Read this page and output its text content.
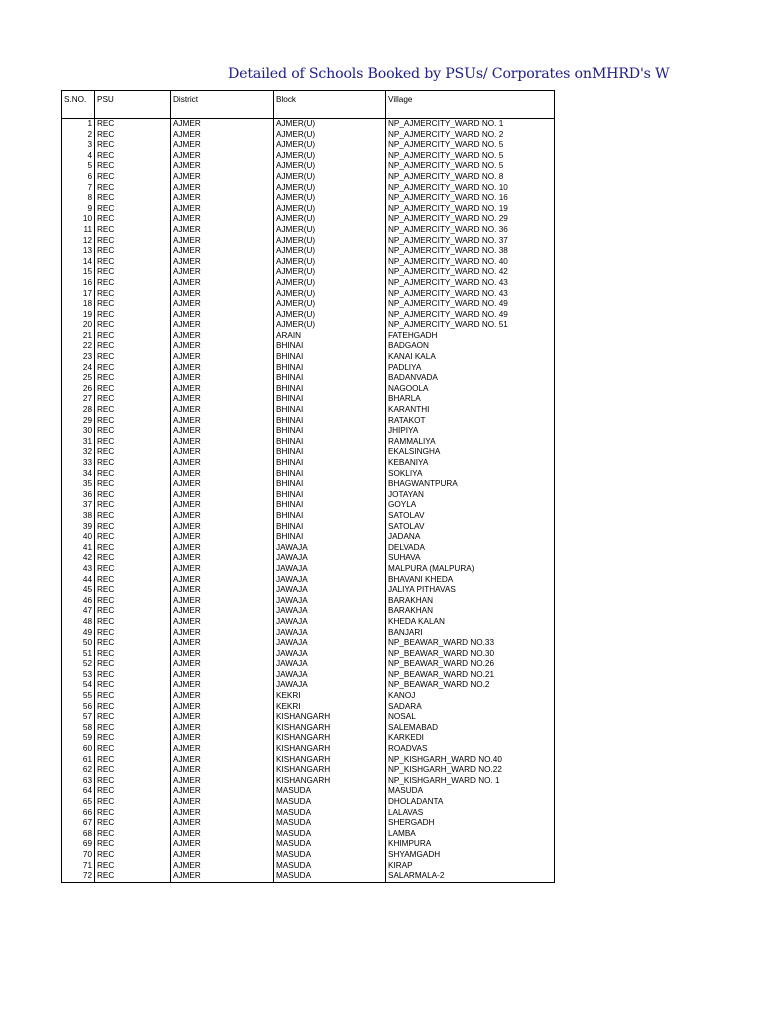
Detailed of Schools Booked by PSUs/ Corporates onMHRD's W
S.NO.	PSU	District	Block	Village
1	REC	AJMER	AJMER(U)	NP_AJMERCITY_WARD NO. 1
2	REC	AJMER	AJMER(U)	NP_AJMERCITY_WARD NO. 2
3	REC	AJMER	AJMER(U)	NP_AJMERCITY_WARD NO. 5
4	REC	AJMER	AJMER(U)	NP_AJMERCITY_WARD NO. 5
5	REC	AJMER	AJMER(U)	NP_AJMERCITY_WARD NO. 5
6	REC	AJMER	AJMER(U)	NP_AJMERCITY_WARD NO. 8
7	REC	AJMER	AJMER(U)	NP_AJMERCITY_WARD NO. 10
8	REC	AJMER	AJMER(U)	NP_AJMERCITY_WARD NO. 16
9	REC	AJMER	AJMER(U)	NP_AJMERCITY_WARD NO. 19
10	REC	AJMER	AJMER(U)	NP_AJMERCITY_WARD NO. 29
11	REC	AJMER	AJMER(U)	NP_AJMERCITY_WARD NO. 36
12	REC	AJMER	AJMER(U)	NP_AJMERCITY_WARD NO. 37
13	REC	AJMER	AJMER(U)	NP_AJMERCITY_WARD NO. 38
14	REC	AJMER	AJMER(U)	NP_AJMERCITY_WARD NO. 40
15	REC	AJMER	AJMER(U)	NP_AJMERCITY_WARD NO. 42
16	REC	AJMER	AJMER(U)	NP_AJMERCITY_WARD NO. 43
17	REC	AJMER	AJMER(U)	NP_AJMERCITY_WARD NO. 43
18	REC	AJMER	AJMER(U)	NP_AJMERCITY_WARD NO. 49
19	REC	AJMER	AJMER(U)	NP_AJMERCITY_WARD NO. 49
20	REC	AJMER	AJMER(U)	NP_AJMERCITY_WARD NO. 51
21	REC	AJMER	ARAIN	FATEHGADH
22	REC	AJMER	BHINAI	BADGAON
23	REC	AJMER	BHINAI	KANAI KALA
24	REC	AJMER	BHINAI	PADLIYA
25	REC	AJMER	BHINAI	BADANVADA
26	REC	AJMER	BHINAI	NAGOOLA
27	REC	AJMER	BHINAI	BHARLA
28	REC	AJMER	BHINAI	KARANTHI
29	REC	AJMER	BHINAI	RATAKOT
30	REC	AJMER	BHINAI	JHIPIYA
31	REC	AJMER	BHINAI	RAMMALIYA
32	REC	AJMER	BHINAI	EKALSINGHA
33	REC	AJMER	BHINAI	KEBANIYA
34	REC	AJMER	BHINAI	SOKLIYA
35	REC	AJMER	BHINAI	BHAGWANTPURA
36	REC	AJMER	BHINAI	JOTAYAN
37	REC	AJMER	BHINAI	GOYLA
38	REC	AJMER	BHINAI	SATOLAV
39	REC	AJMER	BHINAI	SATOLAV
40	REC	AJMER	BHINAI	JADANA
41	REC	AJMER	JAWAJA	DELVADA
42	REC	AJMER	JAWAJA	SUHAVA
43	REC	AJMER	JAWAJA	MALPURA (MALPURA)
44	REC	AJMER	JAWAJA	BHAVANI KHEDA
45	REC	AJMER	JAWAJA	JALIYA PITHAVAS
46	REC	AJMER	JAWAJA	BARAKHAN
47	REC	AJMER	JAWAJA	BARAKHAN
48	REC	AJMER	JAWAJA	KHEDA KALAN
49	REC	AJMER	JAWAJA	BANJARI
50	REC	AJMER	JAWAJA	NP_BEAWAR_WARD NO.33
51	REC	AJMER	JAWAJA	NP_BEAWAR_WARD NO.30
52	REC	AJMER	JAWAJA	NP_BEAWAR_WARD NO.26
53	REC	AJMER	JAWAJA	NP_BEAWAR_WARD NO.21
54	REC	AJMER	JAWAJA	NP_BEAWAR_WARD NO.2
55	REC	AJMER	KEKRI	KANOJ
56	REC	AJMER	KEKRI	SADARA
57	REC	AJMER	KISHANGARH	NOSAL
58	REC	AJMER	KISHANGARH	SALEMABAD
59	REC	AJMER	KISHANGARH	KARKEDI
60	REC	AJMER	KISHANGARH	ROADVAS
61	REC	AJMER	KISHANGARH	NP_KISHGARH_WARD NO.40
62	REC	AJMER	KISHANGARH	NP_KISHGARH_WARD NO.22
63	REC	AJMER	KISHANGARH	NP_KISHGARH_WARD NO. 1
64	REC	AJMER	MASUDA	MASUDA
65	REC	AJMER	MASUDA	DHOLADANTA
66	REC	AJMER	MASUDA	LALAVAS
67	REC	AJMER	MASUDA	SHERGADH
68	REC	AJMER	MASUDA	LAMBA
69	REC	AJMER	MASUDA	KHIMPURA
70	REC	AJMER	MASUDA	SHYAMGADH
71	REC	AJMER	MASUDA	KIRAP
72	REC	AJMER	MASUDA	SALARMALA-2
